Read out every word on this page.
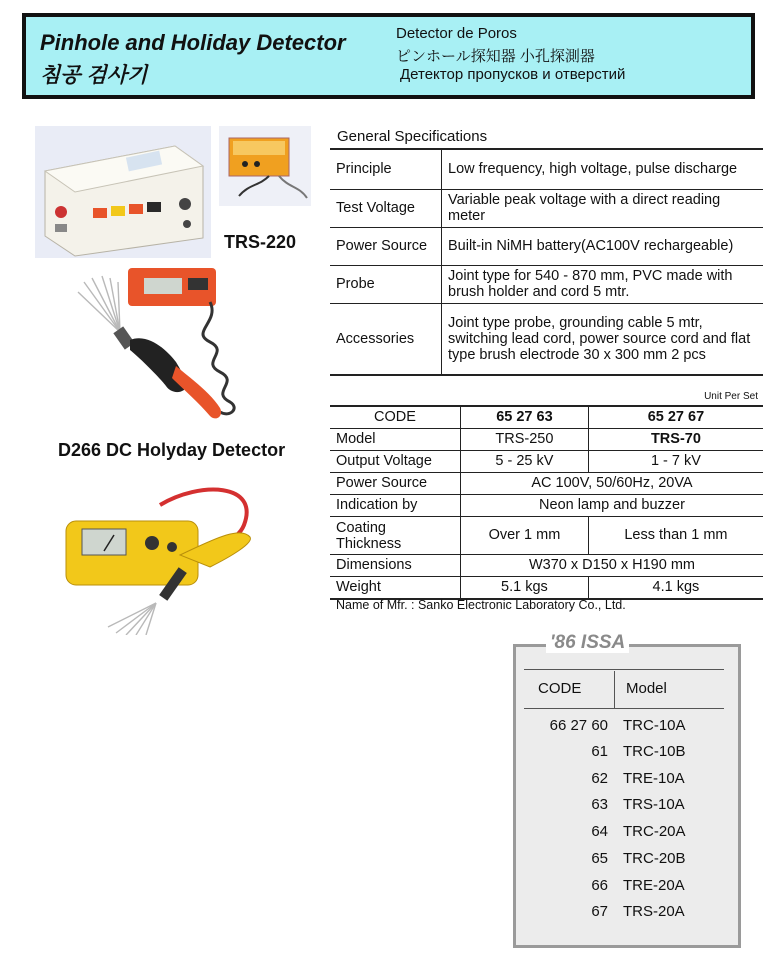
Pinhole and Holiday Detector
침공 검사기
Detector de Poros
ピンホール探知器 小孔探測器
Детектор пропусков и отверстий
TRS-220
D266 DC Holyday Detector
General Specifications
Principle	Low frequency, high voltage, pulse discharge
Test Voltage	Variable peak voltage with a direct reading meter
Power Source	Built-in NiMH battery(AC100V rechargeable)
Probe	Joint type for 540 - 870 mm, PVC made with brush holder and cord 5 mtr.
Accessories	Joint type probe, grounding cable 5 mtr, switching lead cord, power source cord and flat type brush electrode 30 x 300 mm 2 pcs
Unit Per Set
CODE	65 27 63	65 27 67
Model	TRS-250	TRS-70
Output Voltage	5 - 25 kV	1 - 7 kV
Power Source	AC 100V, 50/60Hz, 20VA	
Indication by	Neon lamp and buzzer	
Coating Thickness	Over 1 mm	Less than 1 mm
Dimensions	W370 x D150 x H190 mm	
Weight	5.1 kgs	4.1 kgs
Name of Mfr. : Sanko Electronic Laboratory Co., Ltd.
'86 ISSA
CODE	Model
66 27 60 TRC-10A
61 TRC-10B
62 TRE-10A
63 TRS-10A
64 TRC-20A
65 TRC-20B
66 TRE-20A
67 TRS-20A
